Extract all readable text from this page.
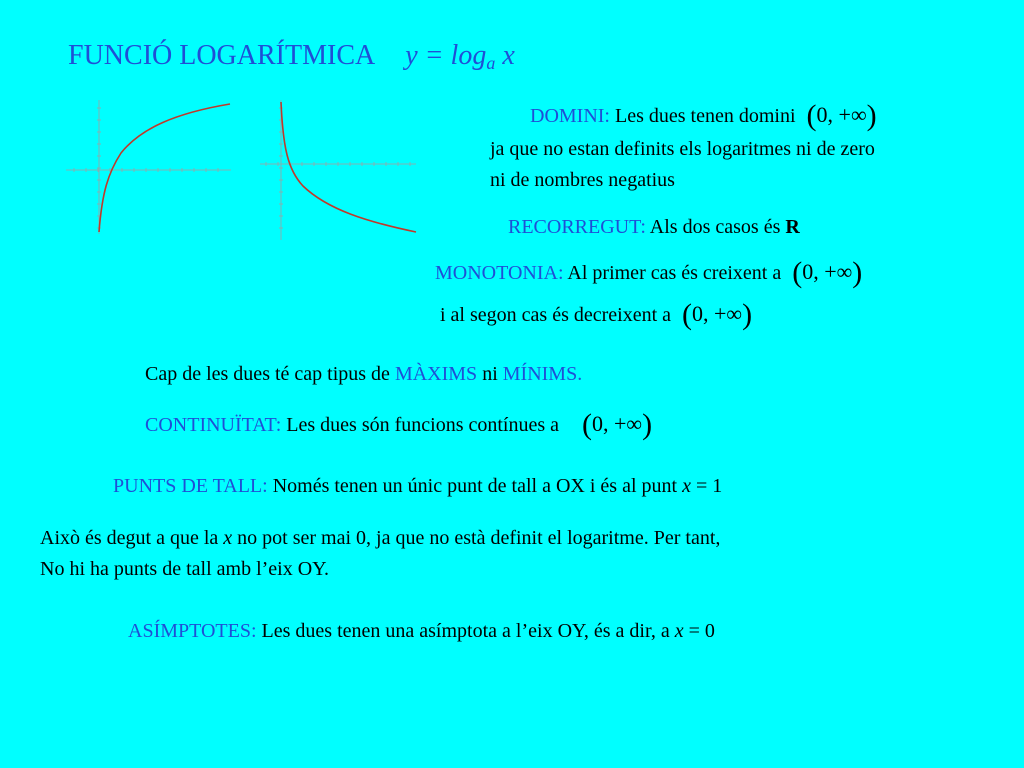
FUNCIÓ LOGARÍTMICA $y = \log_a x$
DOMINI: Les dues tenen domini (0, +∞)
ja que no estan definits els logaritmes ni de zero
ni de nombres negatius
RECORREGUT: Als dos casos és R
MONOTONIA: Al primer cas és creixent a (0, +∞)
i al segon cas és decreixent a (0, +∞)
Cap de les dues té cap tipus de MÀXIMS ni MÍNIMS.
CONTINUÏTAT: Les dues són funcions contínues a (0, +∞)
PUNTS DE TALL: Només tenen un únic punt de tall a OX i és al punt x = 1
Això és degut a que la x no pot ser mai 0, ja que no està definit el logaritme. Per tant,
No hi ha punts de tall amb l’eix OY.
ASÍMPTOTES: Les dues tenen una asímptota a l’eix OY, és a dir, a x = 0
